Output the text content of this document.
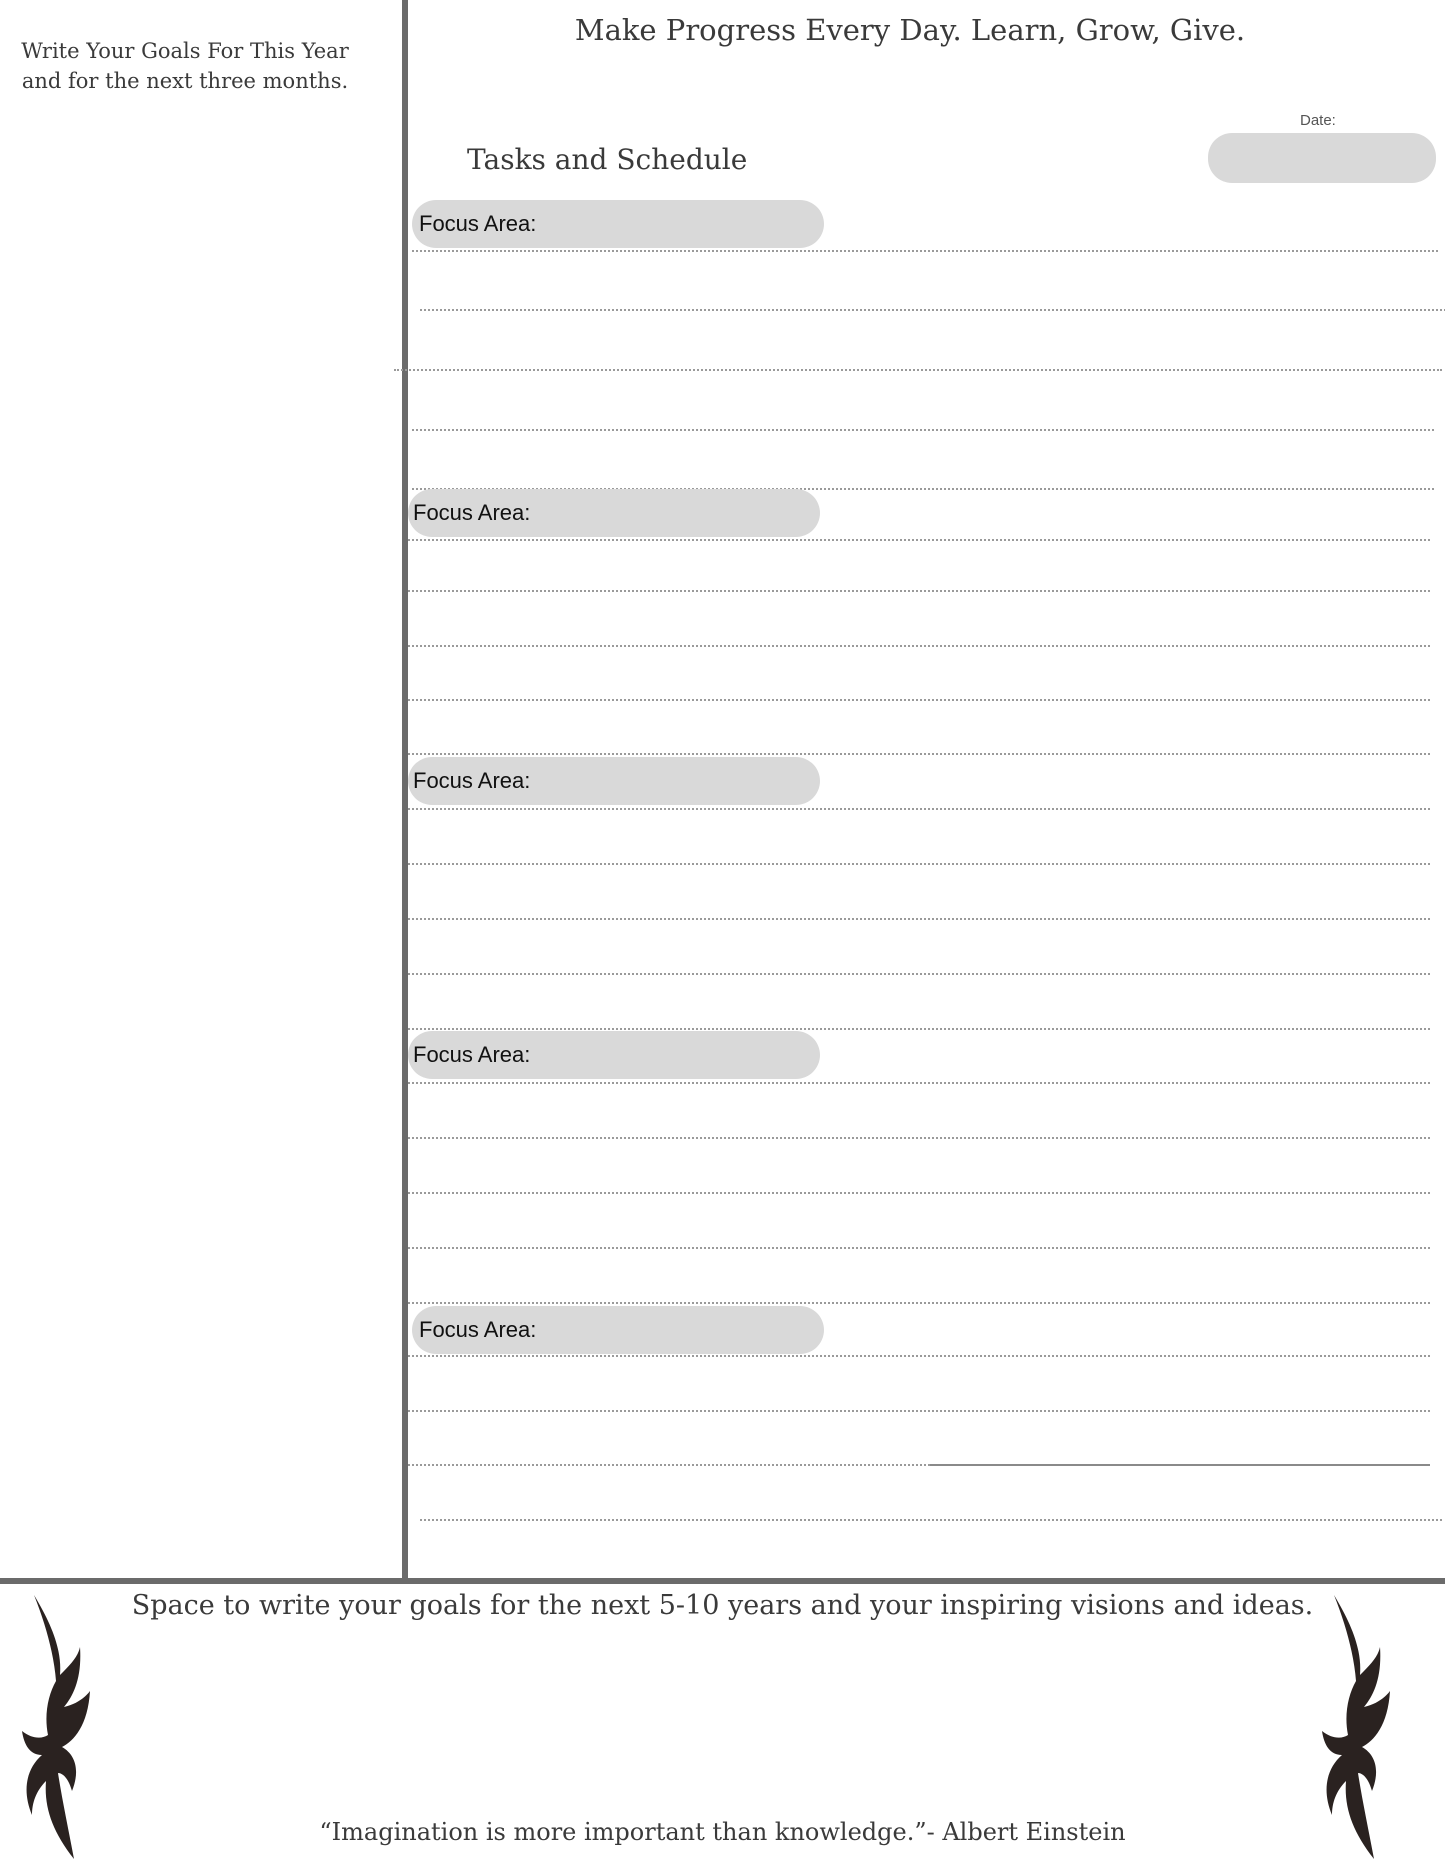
Write Your Goals For This Year
and for the next three months.
Make Progress Every Day. Learn, Grow, Give.
Date:
Tasks and Schedule
Focus Area:
Focus Area:
Focus Area:
Focus Area:
Focus Area:
Space to write your goals for the next 5-10 years and your inspiring visions and ideas.
“Imagination is more important than knowledge.”- Albert Einstein
